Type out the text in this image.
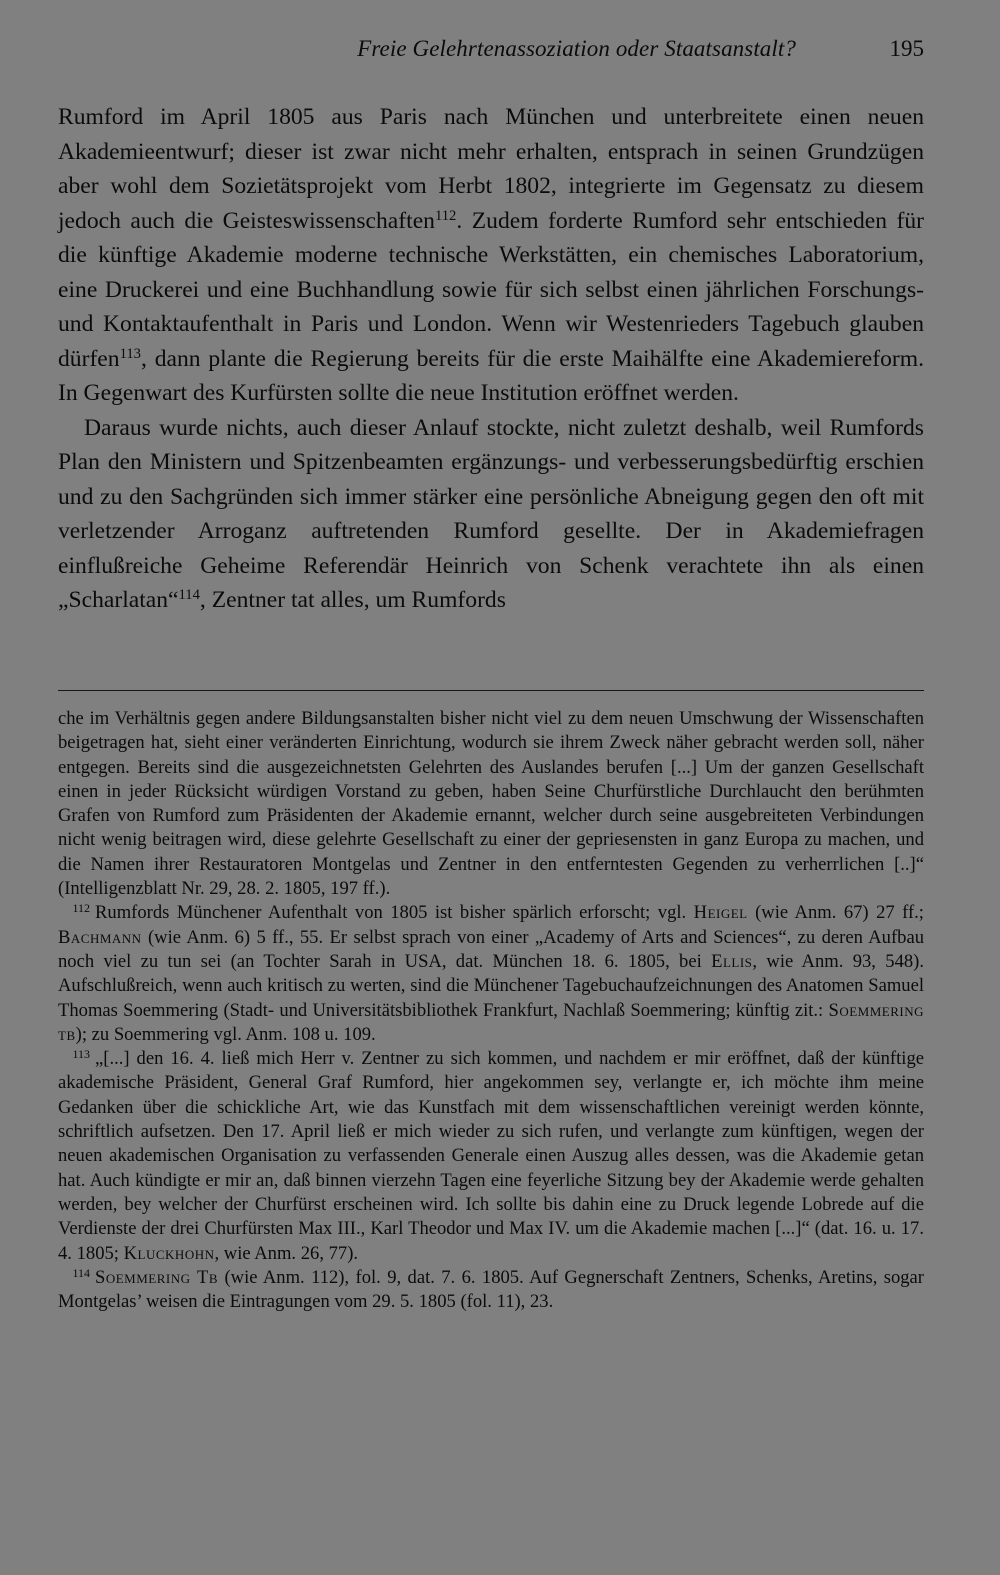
Freie Gelehrtenassoziation oder Staatsanstalt?	195

Rumford im April 1805 aus Paris nach München und unterbreitete einen neuen Akademieentwurf; dieser ist zwar nicht mehr erhalten, entsprach in seinen Grundzügen aber wohl dem Sozietätsprojekt vom Herbt 1802, integrierte im Gegensatz zu diesem jedoch auch die Geisteswissenschaften$^{112}$. Zudem forderte Rumford sehr entschieden für die künftige Akademie moderne technische Werkstätten, ein chemisches Laboratorium, eine Druckerei und eine Buchhandlung sowie für sich selbst einen jährlichen Forschungs- und Kontaktaufenthalt in Paris und London. Wenn wir Westenrieders Tagebuch glauben dürfen$^{113}$, dann plante die Regierung bereits für die erste Maihälfte eine Akademiereform. In Gegenwart des Kurfürsten sollte die neue Institution eröffnet werden.

Daraus wurde nichts, auch dieser Anlauf stockte, nicht zuletzt deshalb, weil Rumfords Plan den Ministern und Spitzenbeamten ergänzungs- und verbesserungsbedürftig erschien und zu den Sachgründen sich immer stärker eine persönliche Abneigung gegen den oft mit verletzender Arroganz auftretenden Rumford gesellte. Der in Akademiefragen einflußreiche Geheime Referendär Heinrich von Schenk verachtete ihn als einen „Scharlatan“$^{114}$, Zentner tat alles, um Rumfords

che im Verhältnis gegen andere Bildungsanstalten bisher nicht viel zu dem neuen Umschwung der Wissenschaften beigetragen hat, sieht einer veränderten Einrichtung, wodurch sie ihrem Zweck näher gebracht werden soll, näher entgegen. Bereits sind die ausgezeichnetsten Gelehrten des Auslandes berufen [...] Um der ganzen Gesellschaft einen in jeder Rücksicht würdigen Vorstand zu geben, haben Seine Churfürstliche Durchlaucht den berühmten Grafen von Rumford zum Präsidenten der Akademie ernannt, welcher durch seine ausgebreiteten Verbindungen nicht wenig beitragen wird, diese gelehrte Gesellschaft zu einer der gepriesensten in ganz Europa zu machen, und die Namen ihrer Restauratoren Montgelas und Zentner in den entferntesten Gegenden zu verherrlichen [..]“ (Intelligenzblatt Nr. 29, 28. 2. 1805, 197 ff.).

112 Rumfords Münchener Aufenthalt von 1805 ist bisher spärlich erforscht; vgl. Heigel (wie Anm. 67) 27 ff.; Bachmann (wie Anm. 6) 5 ff., 55. Er selbst sprach von einer „Academy of Arts and Sciences“, zu deren Aufbau noch viel zu tun sei (an Tochter Sarah in USA, dat. München 18. 6. 1805, bei Ellis, wie Anm. 93, 548). Aufschlußreich, wenn auch kritisch zu werten, sind die Münchener Tagebuchaufzeichnungen des Anatomen Samuel Thomas Soemmering (Stadt- und Universitätsbibliothek Frankfurt, Nachlaß Soemmering; künftig zit.: Soemmering tb); zu Soemmering vgl. Anm. 108 u. 109.

113 „[...] den 16. 4. ließ mich Herr v. Zentner zu sich kommen, und nachdem er mir eröffnet, daß der künftige akademische Präsident, General Graf Rumford, hier angekommen sey, verlangte er, ich möchte ihm meine Gedanken über die schickliche Art, wie das Kunstfach mit dem wissenschaftlichen vereinigt werden könnte, schriftlich aufsetzen. Den 17. April ließ er mich wieder zu sich rufen, und verlangte zum künftigen, wegen der neuen akademischen Organisation zu verfassenden Generale einen Auszug alles dessen, was die Akademie getan hat. Auch kündigte er mir an, daß binnen vierzehn Tagen eine feyerliche Sitzung bey der Akademie werde gehalten werden, bey welcher der Churfürst erscheinen wird. Ich sollte bis dahin eine zu Druck legende Lobrede auf die Verdienste der drei Churfürsten Max III., Karl Theodor und Max IV. um die Akademie machen [...]“ (dat. 16. u. 17. 4. 1805; Kluckhohn, wie Anm. 26, 77).

114 Soemmering Tb (wie Anm. 112), fol. 9, dat. 7. 6. 1805. Auf Gegnerschaft Zentners, Schenks, Aretins, sogar Montgelas’ weisen die Eintragungen vom 29. 5. 1805 (fol. 11), 23.
